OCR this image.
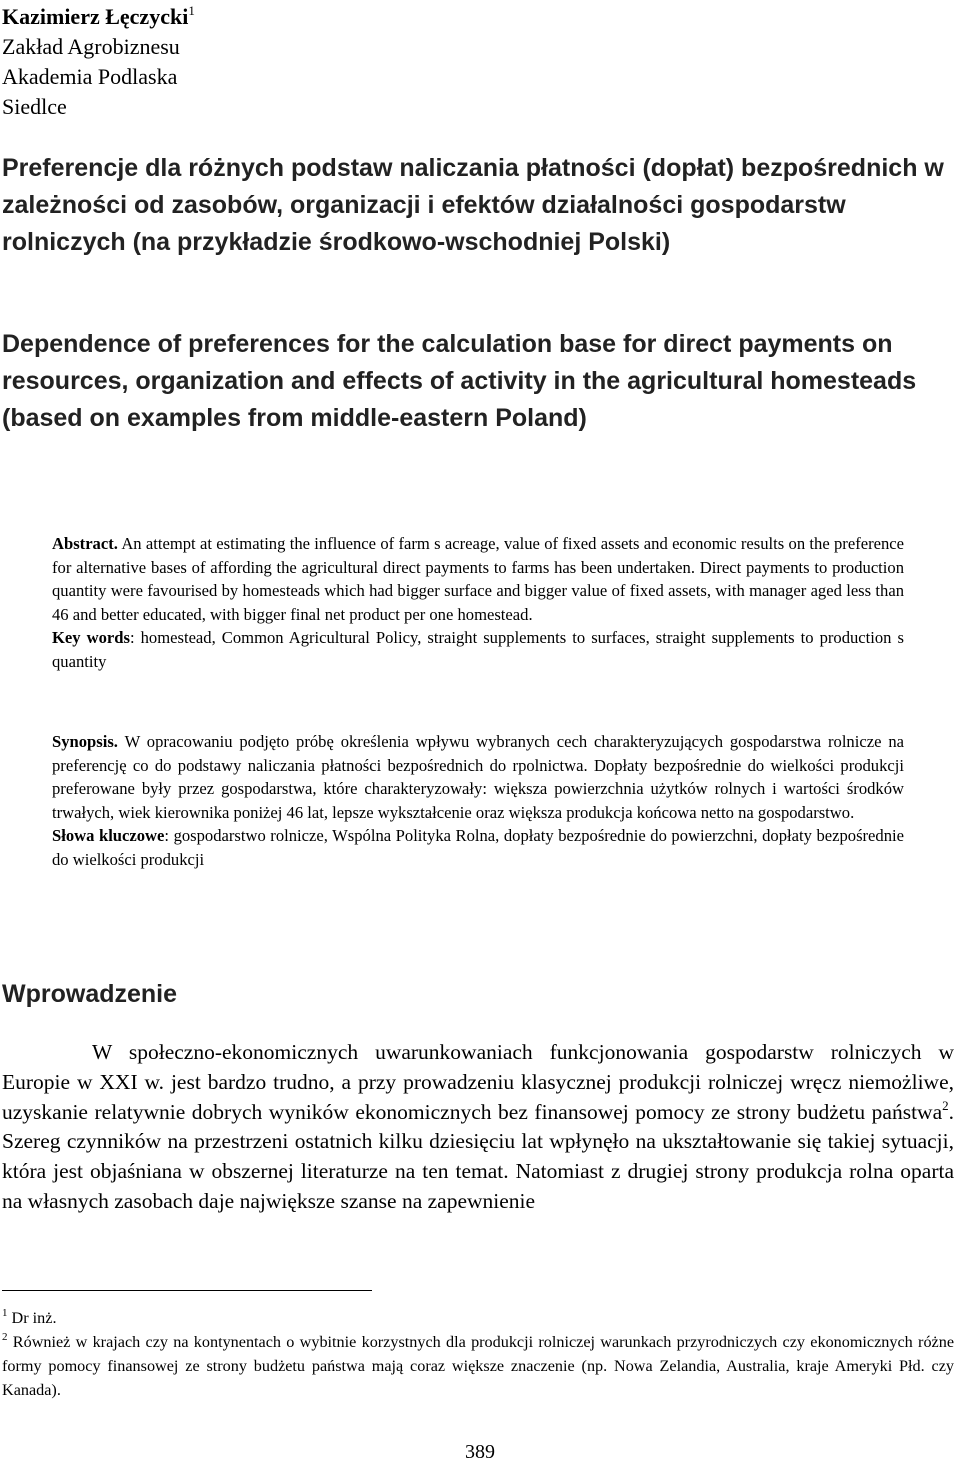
Kazimierz Łęczycki$^1$
Zakład Agrobiznesu
Akademia Podlaska
Siedlce
Preferencje dla różnych podstaw naliczania płatności (dopłat) bezpośrednich w zależności od zasobów, organizacji i efektów działalności gospodarstw rolniczych (na przykładzie środkowo-wschodniej Polski)
Dependence of preferences for the calculation base for direct payments on resources, organization and effects of activity in the agricultural homesteads (based on examples from middle-eastern Poland)
Abstract. An attempt at estimating the influence of farm s acreage, value of fixed assets and economic results on the preference for alternative bases of affording the agricultural direct payments to farms has been undertaken. Direct payments to production quantity were favourised by homesteads which had bigger surface and bigger value of fixed assets, with manager aged less than 46 and better educated, with bigger final net product per one homestead.
Key words: homestead, Common Agricultural Policy, straight supplements to surfaces, straight supplements to production s quantity
Synopsis. W opracowaniu podjęto próbę określenia wpływu wybranych cech charakteryzujących gospodarstwa rolnicze na preferencję co do podstawy naliczania płatności bezpośrednich do rpolnictwa. Dopłaty bezpośrednie do wielkości produkcji preferowane były przez gospodarstwa, które charakteryzowały: większa powierzchnia użytków rolnych i wartości środków trwałych, wiek kierownika poniżej 46 lat, lepsze wykształcenie oraz większa produkcja końcowa netto na gospodarstwo.
Słowa kluczowe: gospodarstwo rolnicze, Wspólna Polityka Rolna, dopłaty bezpośrednie do powierzchni, dopłaty bezpośrednie do wielkości produkcji
Wprowadzenie
W społeczno-ekonomicznych uwarunkowaniach funkcjonowania gospodarstw rolniczych w Europie w XXI w. jest bardzo trudno, a przy prowadzeniu klasycznej produkcji rolniczej wręcz niemożliwe, uzyskanie relatywnie dobrych wyników ekonomicznych bez finansowej pomocy ze strony budżetu państwa$^2$. Szereg czynników na przestrzeni ostatnich kilku dziesięciu lat wpłynęło na ukształtowanie się takiej sytuacji, która jest objaśniana w obszernej literaturze na ten temat. Natomiast z drugiej strony produkcja rolna oparta na własnych zasobach daje największe szanse na zapewnienie
$^1$ Dr inż.
$^2$ Również w krajach czy na kontynentach o wybitnie korzystnych dla produkcji rolniczej warunkach przyrodniczych czy ekonomicznych różne formy pomocy finansowej ze strony budżetu państwa mają coraz większe znaczenie (np. Nowa Zelandia, Australia, kraje Ameryki Płd. czy Kanada).
389
